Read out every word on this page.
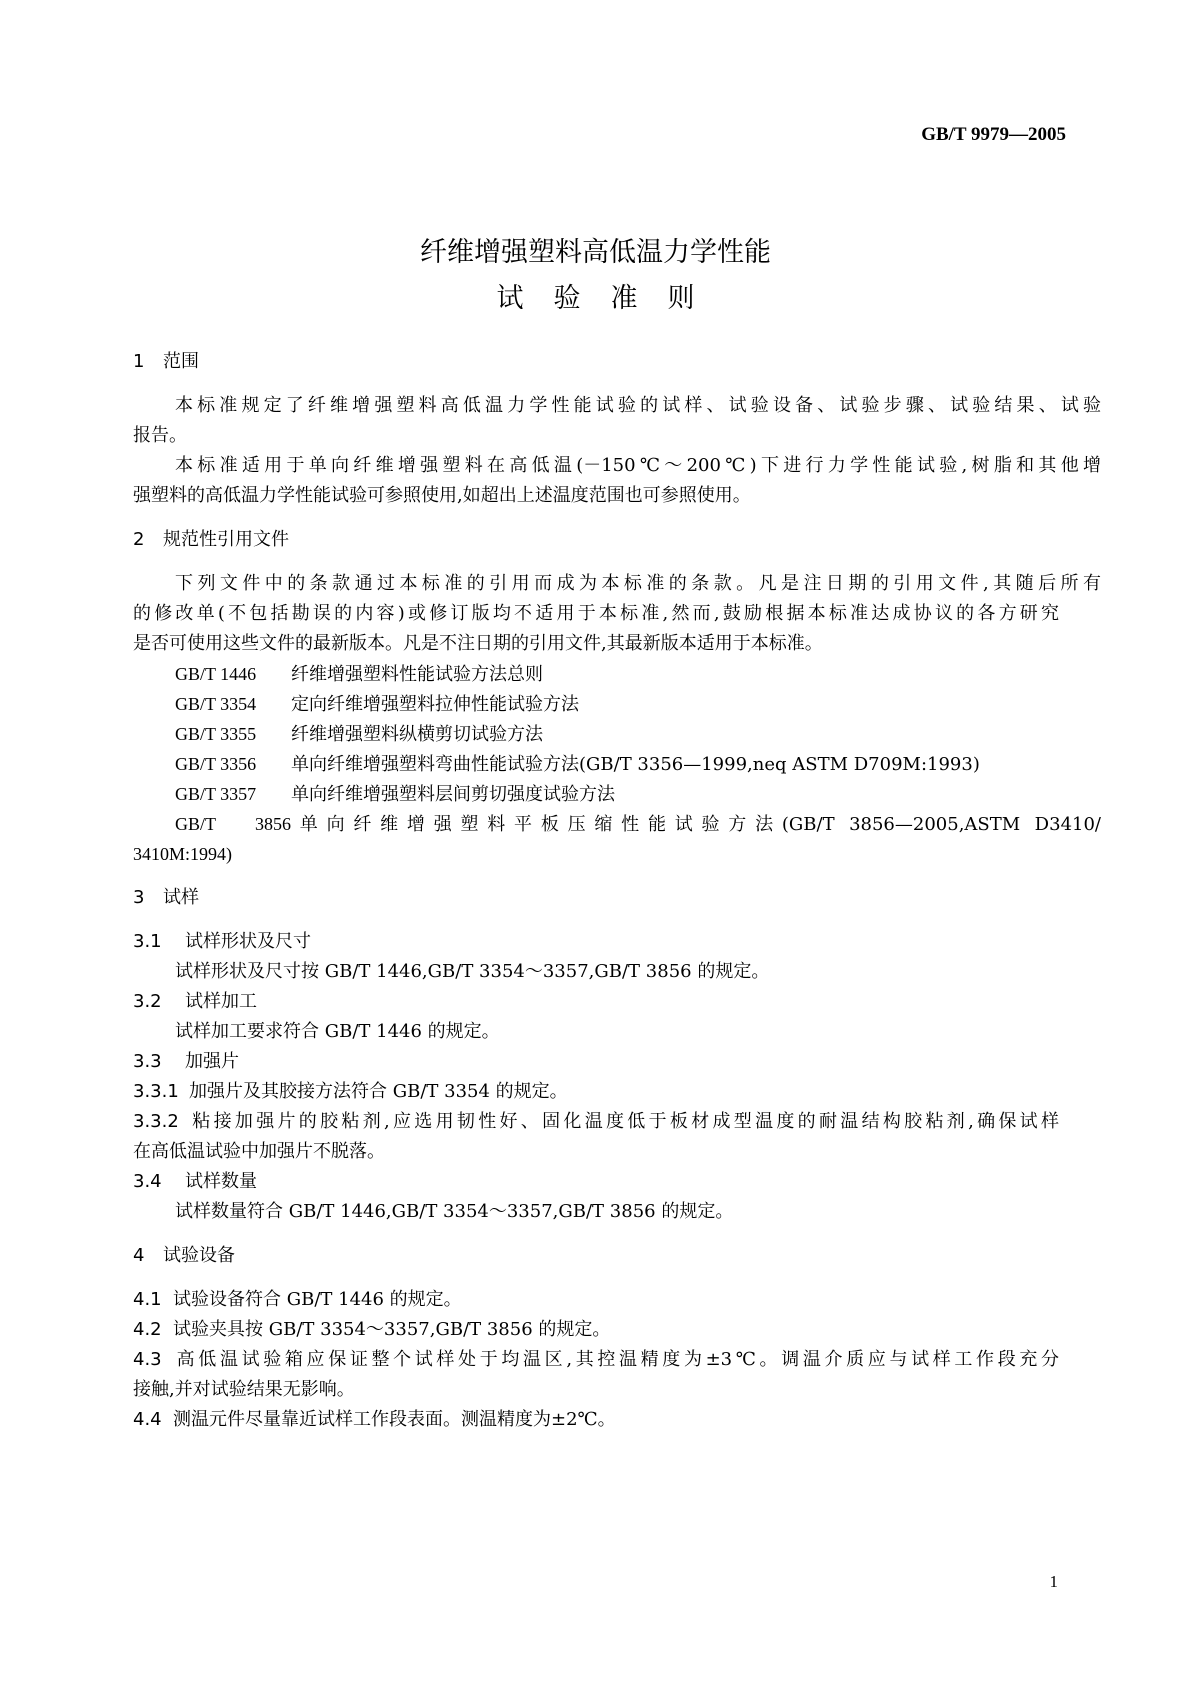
GB/T 9979—2005
纤维增强塑料高低温力学性能
试验准则
1 范围
本标准规定了纤维增强塑料高低温力学性能试验的试样、试验设备、试验步骤、试验结果、试验
报告。
本标准适用于单向纤维增强塑料在高低温(－150℃～200℃)下进行力学性能试验,树脂和其他增
强塑料的高低温力学性能试验可参照使用,如超出上述温度范围也可参照使用。
2 规范性引用文件
下列文件中的条款通过本标准的引用而成为本标准的条款。凡是注日期的引用文件,其随后所有
的修改单(不包括勘误的内容)或修订版均不适用于本标准,然而,鼓励根据本标准达成协议的各方研究
是否可使用这些文件的最新版本。凡是不注日期的引用文件,其最新版本适用于本标准。
GB/T 1446 纤维增强塑料性能试验方法总则
GB/T 3354 定向纤维增强塑料拉伸性能试验方法
GB/T 3355 纤维增强塑料纵横剪切试验方法
GB/T 3356 单向纤维增强塑料弯曲性能试验方法(GB/T 3356—1999,neq ASTM D709M:1993)
GB/T 3357 单向纤维增强塑料层间剪切强度试验方法
GB/T 3856单向纤维增强塑料平板压缩性能试验方法(GB/T 3856—2005,ASTM D3410/
3410M:1994)
3 试样
3.1 试样形状及尺寸
试样形状及尺寸按 GB/T 1446,GB/T 3354～3357,GB/T 3856 的规定。
3.2 试样加工
试样加工要求符合 GB/T 1446 的规定。
3.3 加强片
3.3.1 加强片及其胶接方法符合 GB/T 3354 的规定。
3.3.2 粘接加强片的胶粘剂,应选用韧性好、固化温度低于板材成型温度的耐温结构胶粘剂,确保试样
在高低温试验中加强片不脱落。
3.4 试样数量
试样数量符合 GB/T 1446,GB/T 3354～3357,GB/T 3856 的规定。
4 试验设备
4.1 试验设备符合 GB/T 1446 的规定。
4.2 试验夹具按 GB/T 3354～3357,GB/T 3856 的规定。
4.3 高低温试验箱应保证整个试样处于均温区,其控温精度为±3℃。调温介质应与试样工作段充分
接触,并对试验结果无影响。
4.4 测温元件尽量靠近试样工作段表面。测温精度为±2℃。
1
